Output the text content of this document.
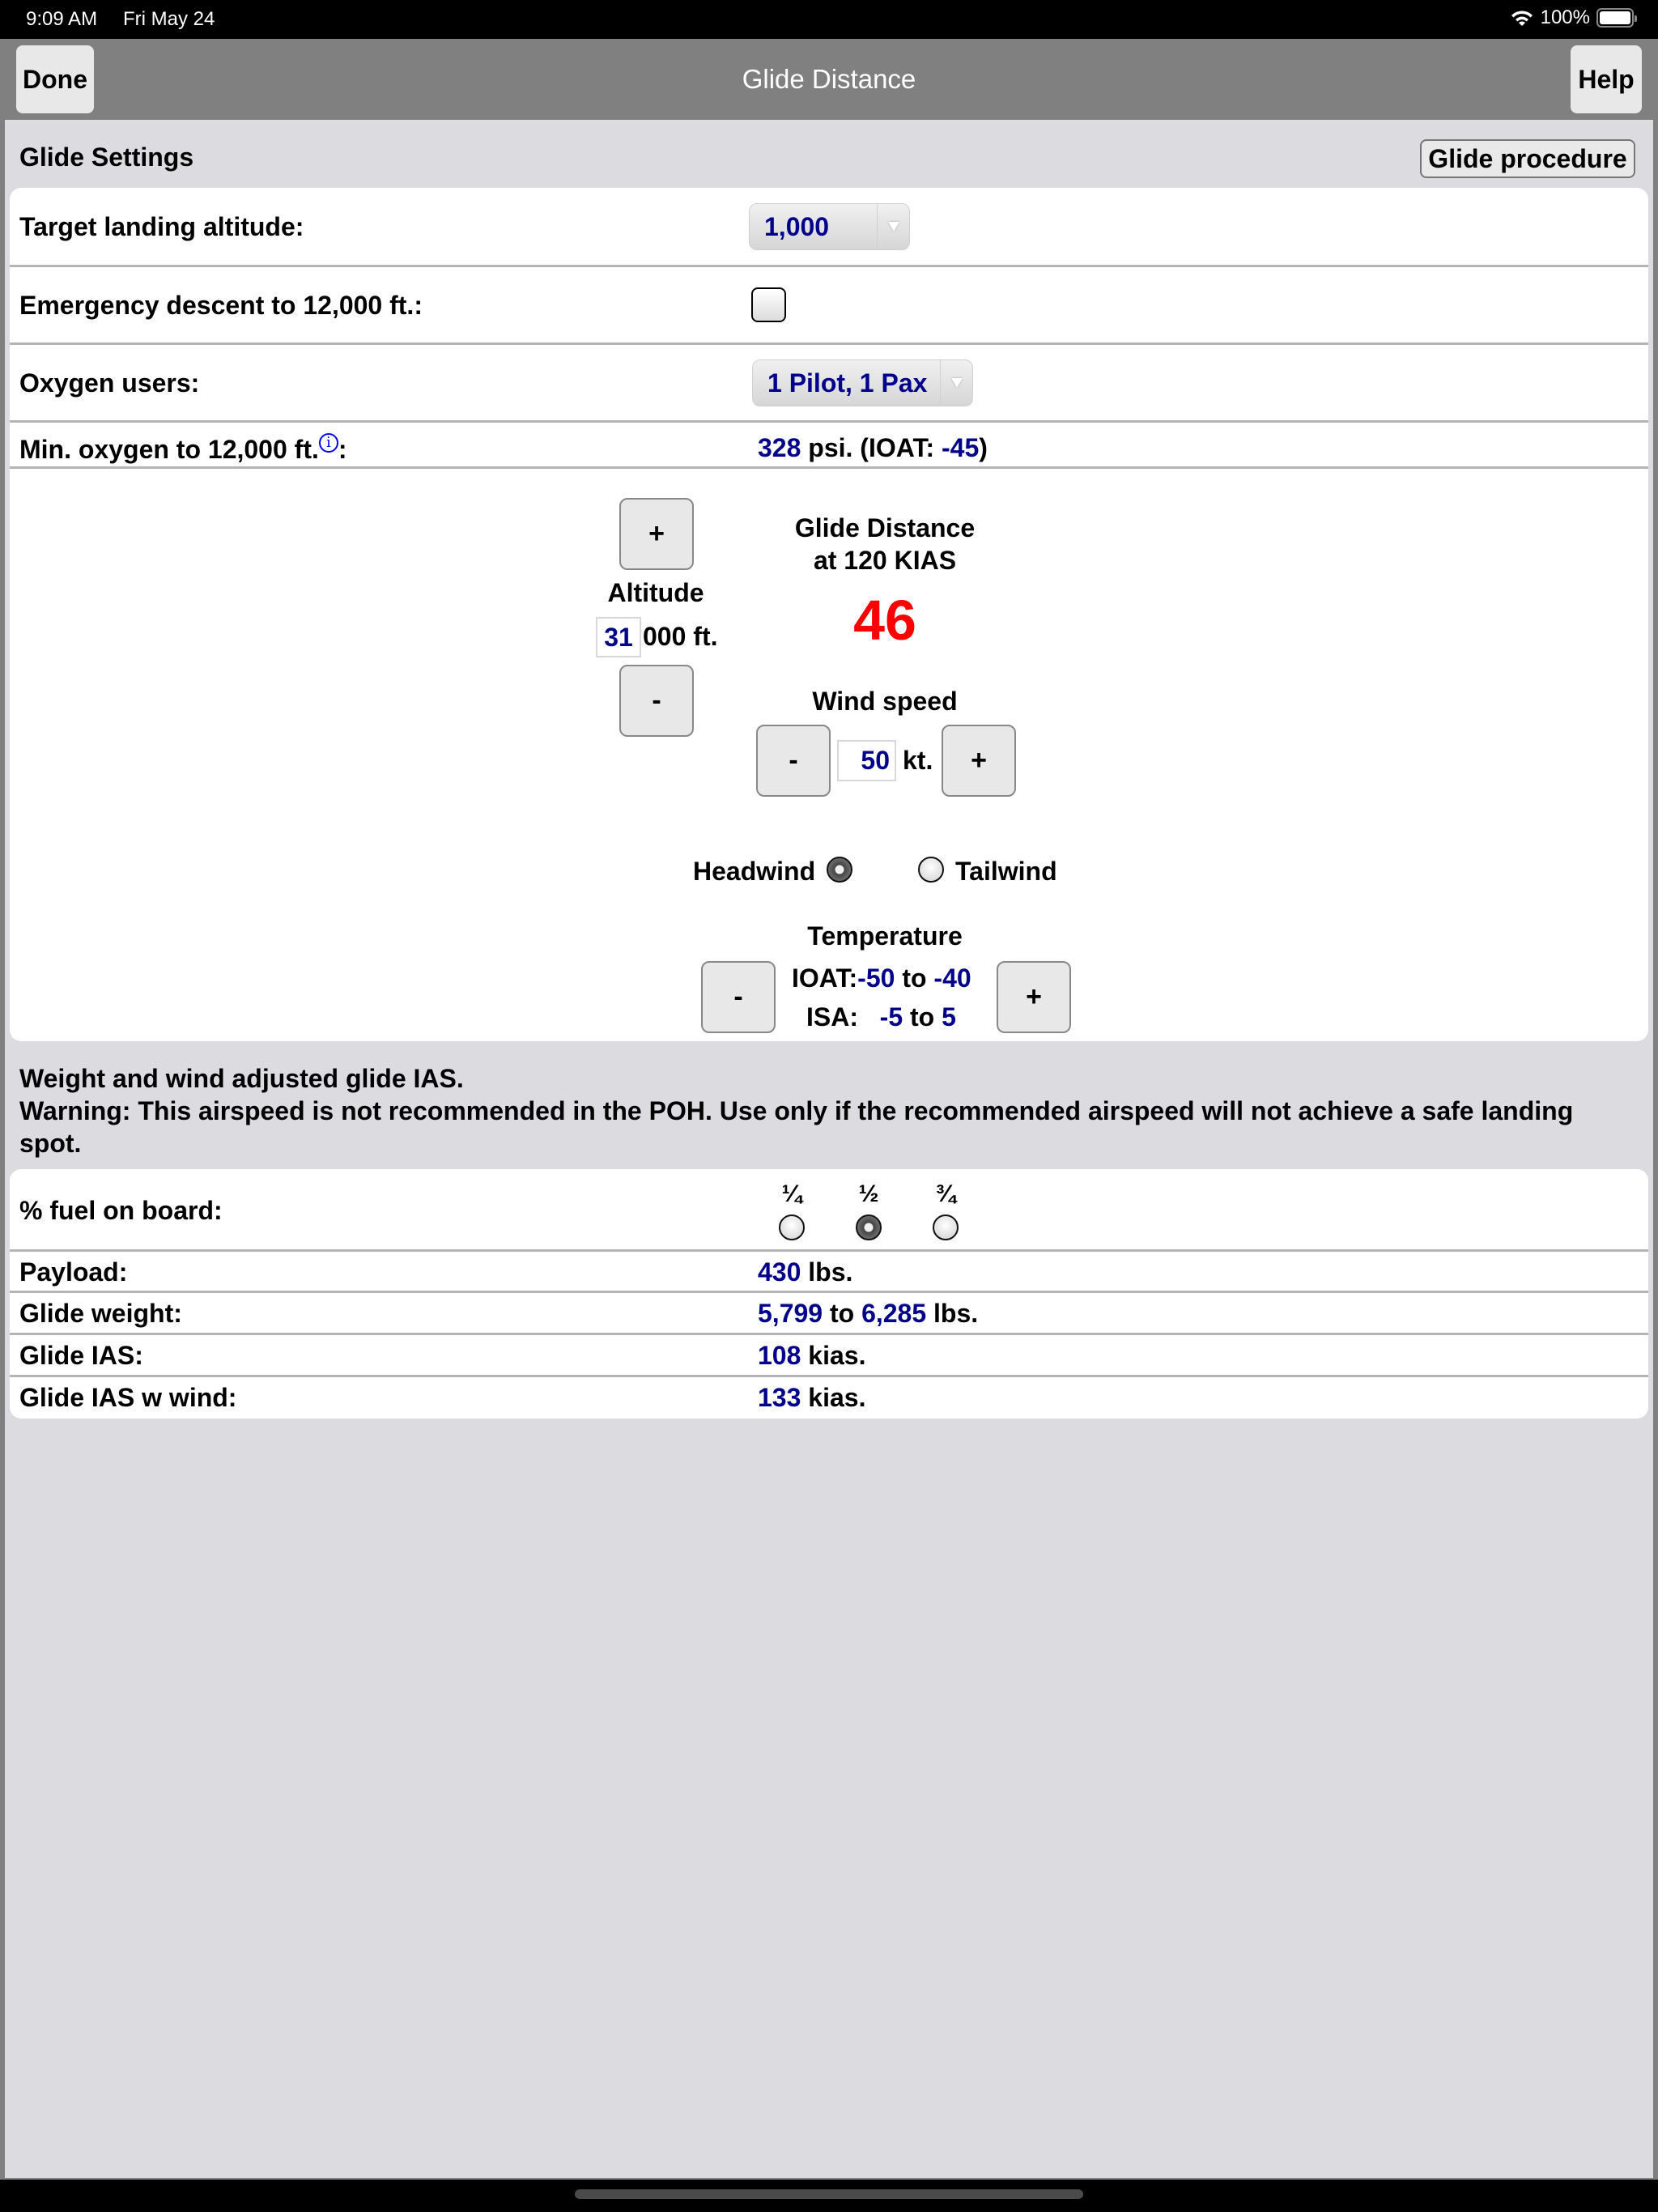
9:09 AM Fri May 24	100%
Glide Distance
Done	Help
Glide Settings	Glide procedure
Target landing altitude:	1,000
Emergency descent to 12,000 ft.:
Oxygen users:	1 Pilot, 1 Pax
Min. oxygen to 12,000 ft. i :	328 psi. (IOAT: -45)
+
Altitude
31 000 ft.
-
Glide Distance
at 120 KIAS
46
Wind speed
-	50 kt.	+
Headwind	Tailwind
Temperature
-
IOAT:-50 to -40
ISA: -5 to 5
+
Weight and wind adjusted glide IAS.
Warning: This airspeed is not recommended in the POH. Use only if the recommended airspeed will not achieve a safe landing spot.
% fuel on board:
¼ ½ ¾
Payload:	430 lbs.
Glide weight:	5,799 to 6,285 lbs.
Glide IAS:	108 kias.
Glide IAS w wind:	133 kias.
